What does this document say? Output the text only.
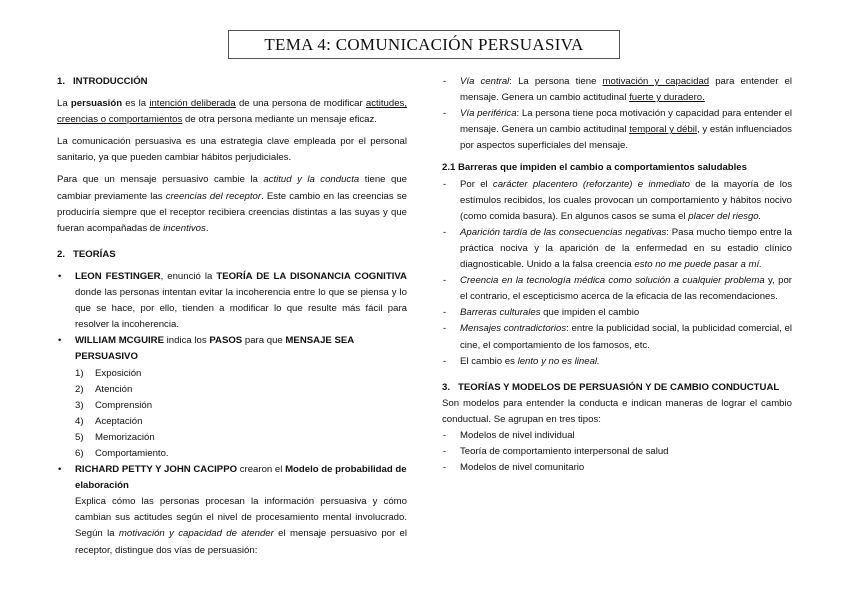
TEMA 4: COMUNICACIÓN PERSUASIVA

1.   INTRODUCCIÓN

La persuasión es la intención deliberada de una persona de modificar actitudes, creencias o comportamientos de otra persona mediante un mensaje eficaz.

La comunicación persuasiva es una estrategia clave empleada por el personal sanitario, ya que pueden cambiar hábitos perjudiciales.

Para que un mensaje persuasivo cambie la actitud y la conducta tiene que cambiar previamente las creencias del receptor. Este cambio en las creencias se produciría siempre que el receptor recibiera creencias distintas a las suyas y que fueran acompañadas de incentivos.

2.   TEORÍAS

• LEON FESTINGER, enunció la TEORÍA DE LA DISONANCIA COGNITIVA donde las personas intentan evitar la incoherencia entre lo que se piensa y lo que se hace, por ello, tienden a modificar lo que resulte más fácil para resolver la incoherencia.
• WILLIAM MCGUIRE indica los PASOS para que MENSAJE SEA PERSUASIVO
1) Exposición
2) Atención
3) Comprensión
4) Aceptación
5) Memorización
6) Comportamiento.
• RICHARD PETTY Y JOHN CACIPPO crearon el Modelo de probabilidad de elaboración

Explica cómo las personas procesan la información persuasiva y cómo cambian sus actitudes según el nivel de procesamiento mental involucrado. Según la motivación y capacidad de atender el mensaje persuasivo por el receptor, distingue dos vías de persuasión:

- Vía central: La persona tiene motivación y capacidad para entender el mensaje. Genera un cambio actitudinal fuerte y duradero.
- Vía periférica: La persona tiene poca motivación y capacidad para entender el mensaje. Genera un cambio actitudinal temporal y débil, y están influenciados por aspectos superficiales del mensaje.

2.1 Barreras que impiden el cambio a comportamientos saludables

- Por el carácter placentero (reforzante) e inmediato de la mayoría de los estímulos recibidos, los cuales provocan un comportamiento y hábitos nocivo (como comida basura). En algunos casos se suma el placer del riesgo.
- Aparición tardía de las consecuencias negativas: Pasa mucho tiempo entre la práctica nociva y la aparición de la enfermedad en su estadio clínico diagnosticable. Unido a la falsa creencia esto no me puede pasar a mí.
- Creencia en la tecnología médica como solución a cualquier problema y, por el contrario, el escepticismo acerca de la eficacia de las recomendaciones.
- Barreras culturales que impiden el cambio
- Mensajes contradictorios: entre la publicidad social, la publicidad comercial, el cine, el comportamiento de los famosos, etc.
- El cambio es lento y no es lineal.

3.   TEORÍAS Y MODELOS DE PERSUASIÓN Y DE CAMBIO CONDUCTUAL

Son modelos para entender la conducta e indican maneras de lograr el cambio conductual. Se agrupan en tres tipos:

- Modelos de nivel individual
- Teoría de comportamiento interpersonal de salud
- Modelos de nivel comunitario
